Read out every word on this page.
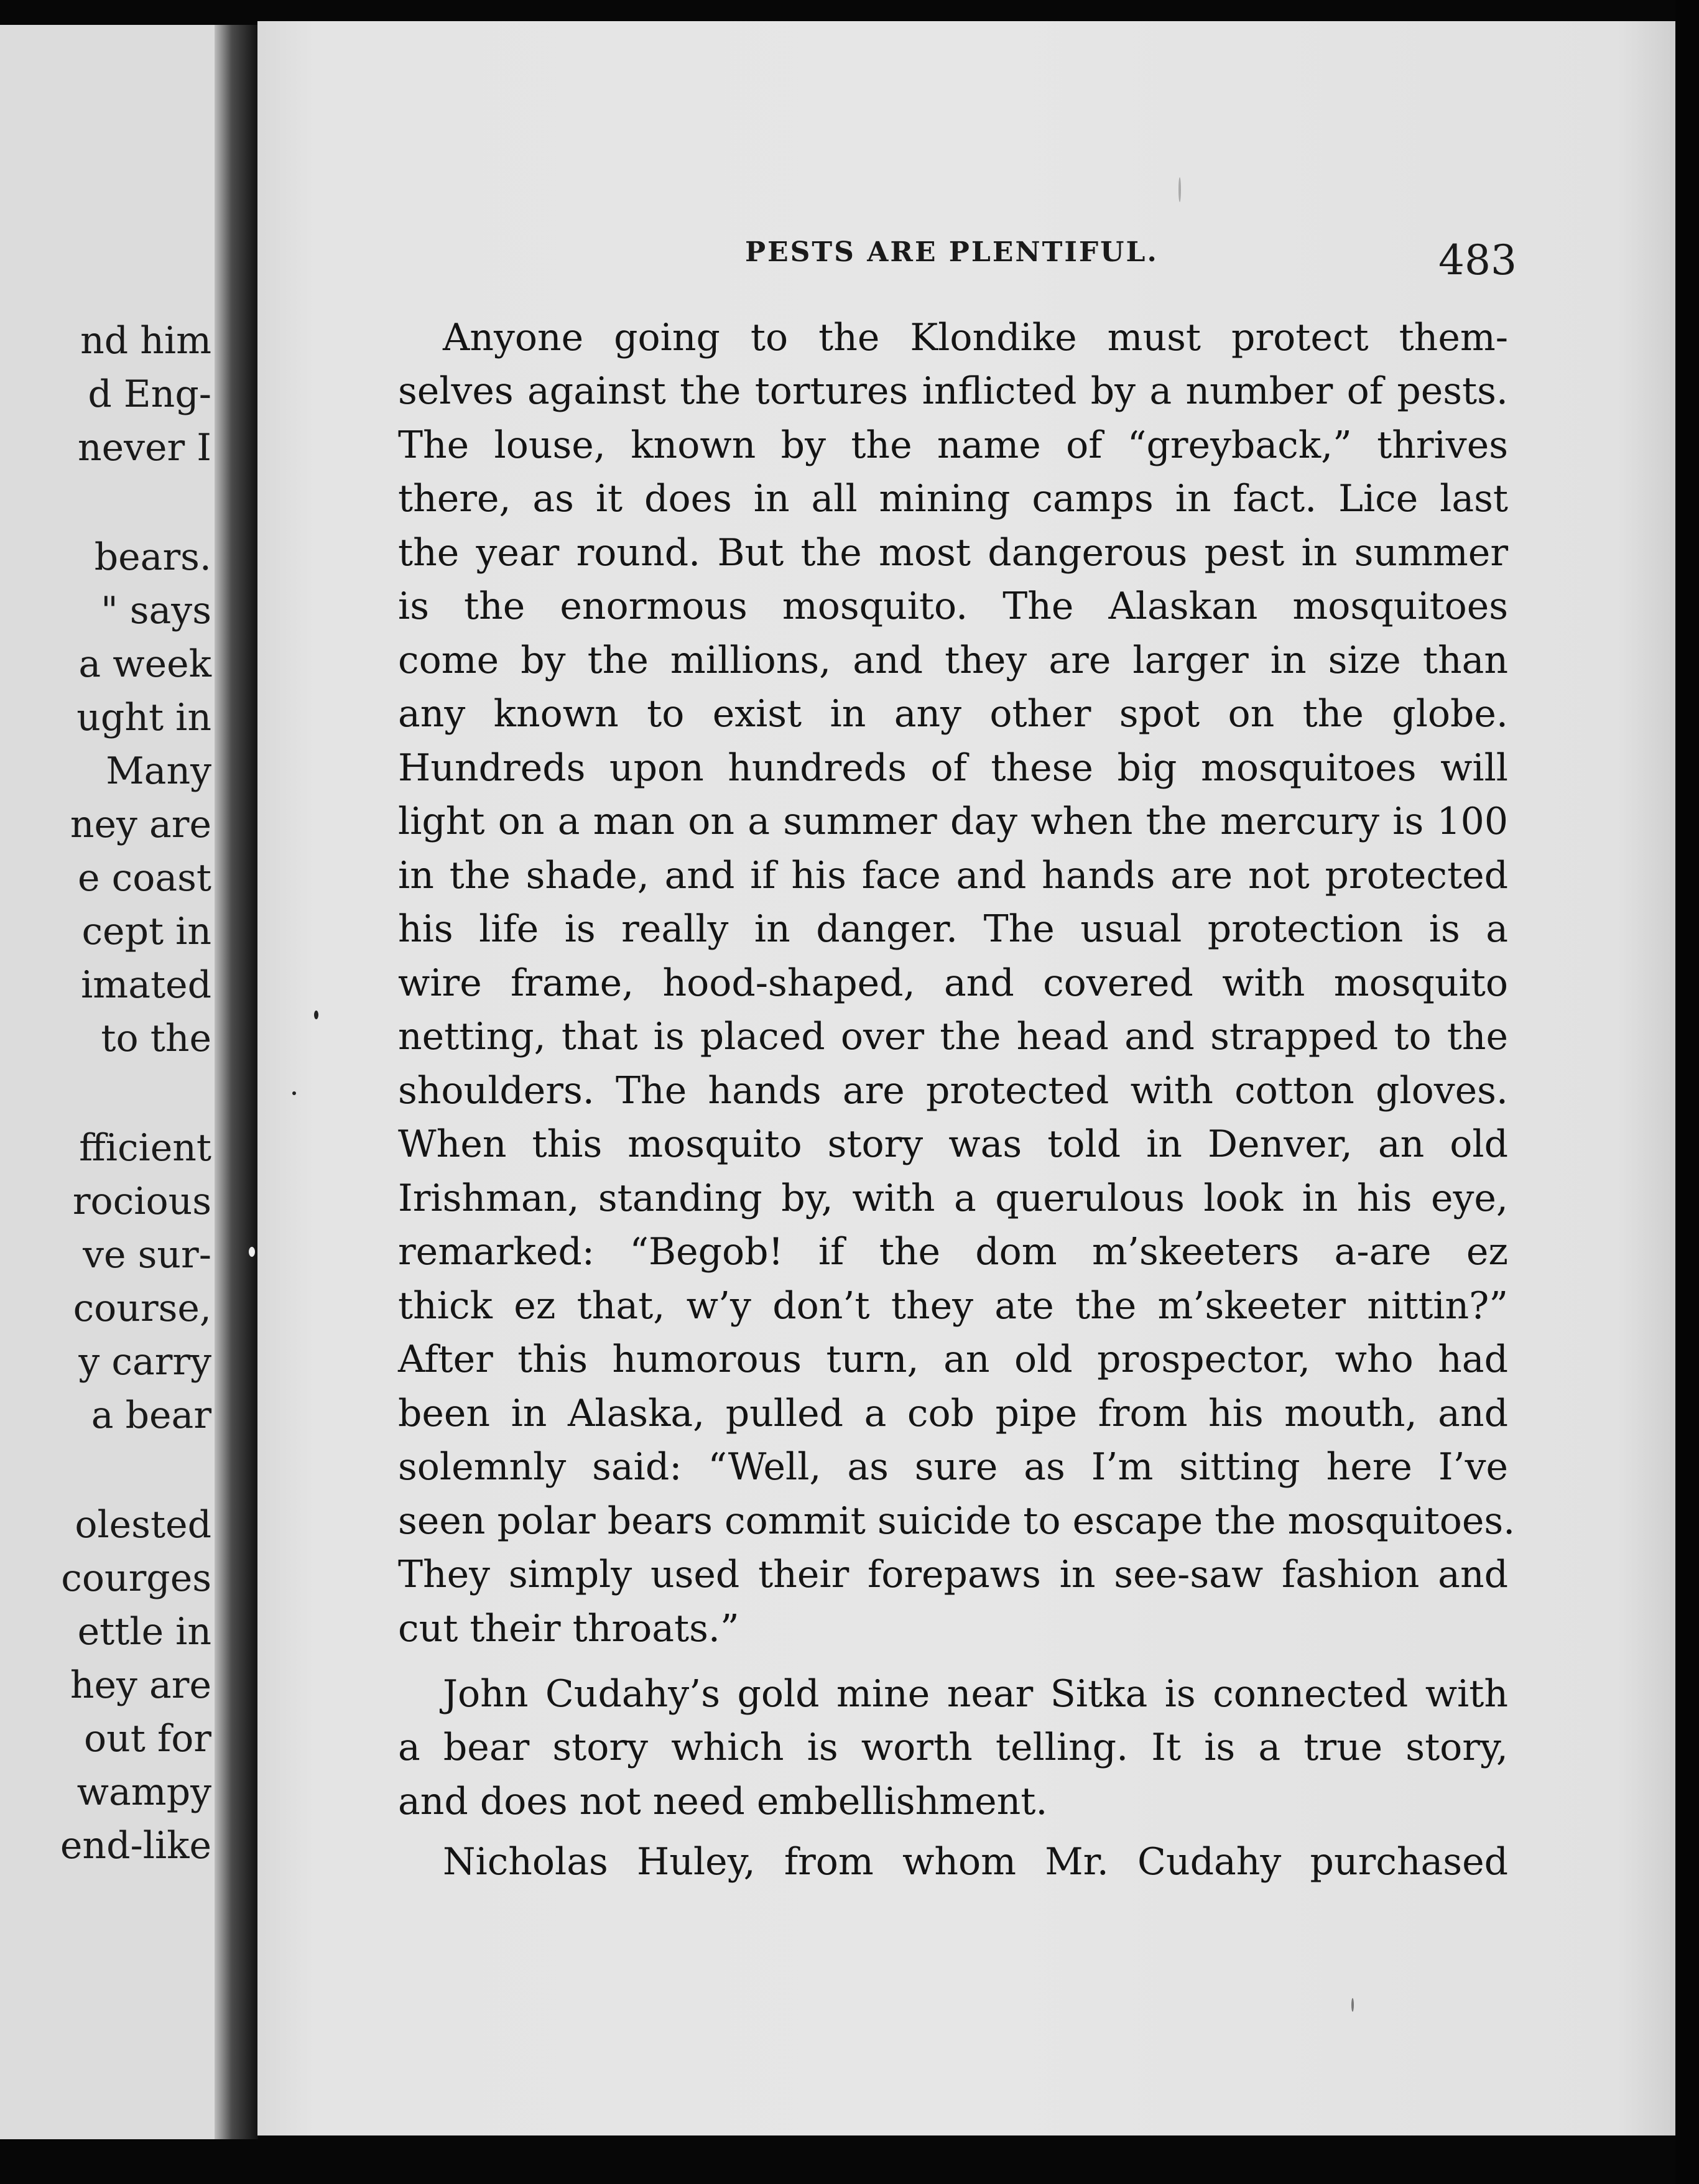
nd him
d Eng-
never I
bears.
" says
a week
ught in
Many
ney are
e coast
cept in
imated
to the
fficient
rocious
ve sur-
course,
y carry
a bear
olested
courges
ettle in
hey are
out for
wampy
end-like
PESTS ARE PLENTIFUL.	483
Anyone going to the Klondike must protect them-
selves against the tortures inflicted by a number of pests.
The louse, known by the name of “greyback,” thrives
there, as it does in all mining camps in fact. Lice last
the year round. But the most dangerous pest in summer
is the enormous mosquito. The Alaskan mosquitoes
come by the millions, and they are larger in size than
any known to exist in any other spot on the globe.
Hundreds upon hundreds of these big mosquitoes will
light on a man on a summer day when the mercury is 100
in the shade, and if his face and hands are not protected
his life is really in danger. The usual protection is a
wire frame, hood-shaped, and covered with mosquito
netting, that is placed over the head and strapped to the
shoulders. The hands are protected with cotton gloves.
When this mosquito story was told in Denver, an old
Irishman, standing by, with a querulous look in his eye,
remarked: “Begob! if the dom m’skeeters a-are ez
thick ez that, w’y don’t they ate the m’skeeter nittin?”
After this humorous turn, an old prospector, who had
been in Alaska, pulled a cob pipe from his mouth, and
solemnly said: “Well, as sure as I’m sitting here I’ve
seen polar bears commit suicide to escape the mosquitoes.
They simply used their forepaws in see-saw fashion and
cut their throats.”
John Cudahy’s gold mine near Sitka is connected with
a bear story which is worth telling. It is a true story,
and does not need embellishment.
Nicholas Huley, from whom Mr. Cudahy purchased
